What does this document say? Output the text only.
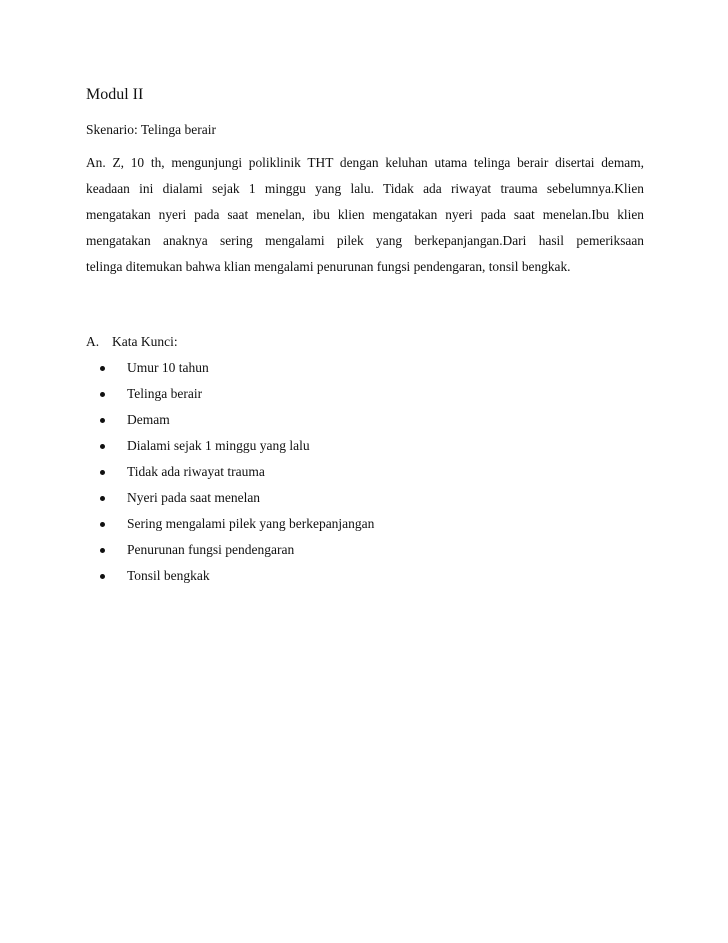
Modul II
Skenario: Telinga berair
An. Z, 10 th, mengunjungi poliklinik THT dengan keluhan utama telinga berair disertai demam,
keadaan ini dialami sejak 1 minggu yang lalu. Tidak ada riwayat trauma sebelumnya.Klien
mengatakan nyeri pada saat menelan, ibu klien mengatakan nyeri pada saat menelan.Ibu klien
mengatakan anaknya sering mengalami pilek yang berkepanjangan.Dari hasil pemeriksaan
telinga ditemukan bahwa klian mengalami penurunan fungsi pendengaran, tonsil bengkak.
A. Kata Kunci:
Umur 10 tahun
Telinga berair
Demam
Dialami sejak 1 minggu yang lalu
Tidak ada riwayat trauma
Nyeri pada saat menelan
Sering mengalami pilek yang berkepanjangan
Penurunan fungsi pendengaran
Tonsil bengkak
